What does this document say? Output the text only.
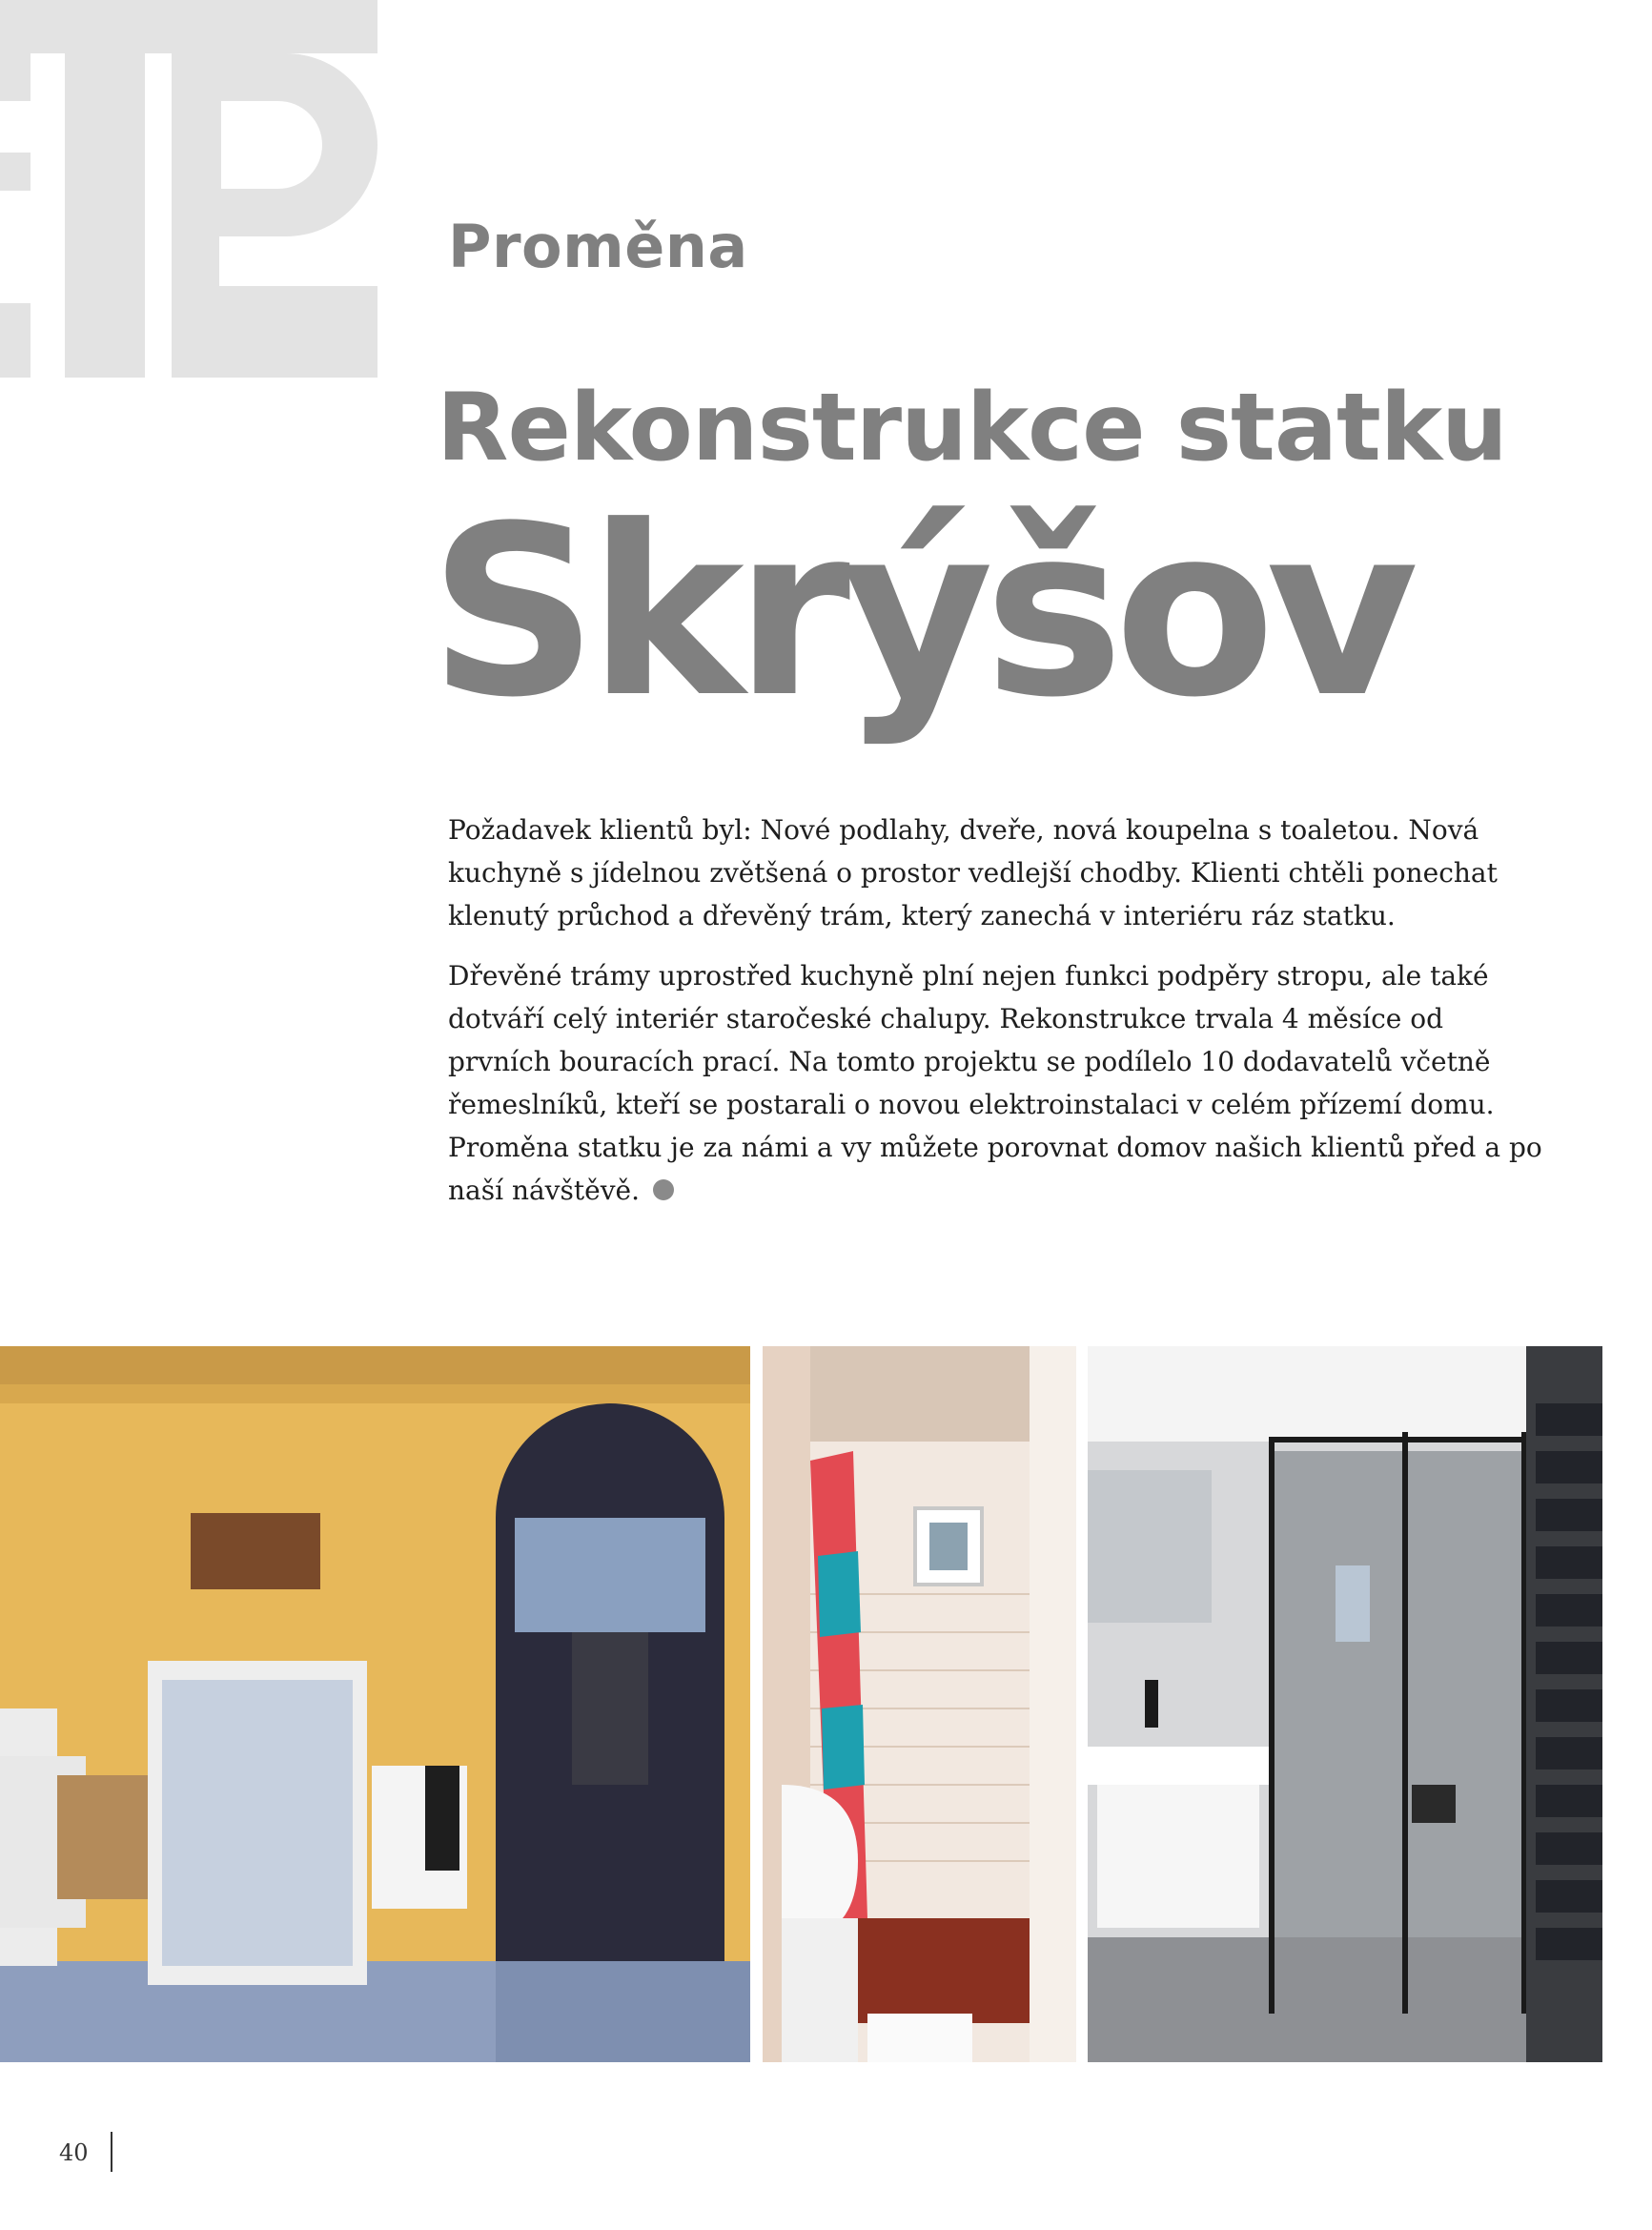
Proměna
Rekonstrukce statku
Skrýšov

Požadavek klientů byl: Nové podlahy, dveře, nová koupelna s toaletou. Nová kuchyně s jídelnou zvětšená o prostor vedlejší chodby. Klienti chtěli ponechat klenutý průchod a dřevěný trám, který zanechá v interiéru ráz statku.

Dřevěné trámy uprostřed kuchyně plní nejen funkci podpěry stropu, ale také dotváří celý interiér staročeské chalupy. Rekonstrukce trvala 4 měsíce od prvních bouracích prací. Na tomto projektu se podílelo 10 dodavatelů včetně řemeslníků, kteří se postarali o novou elektroinstalaci v celém přízemí domu. Proměna statku je za námi a vy můžete porovnat domov našich klientů před a po naší návštěvě.

40
